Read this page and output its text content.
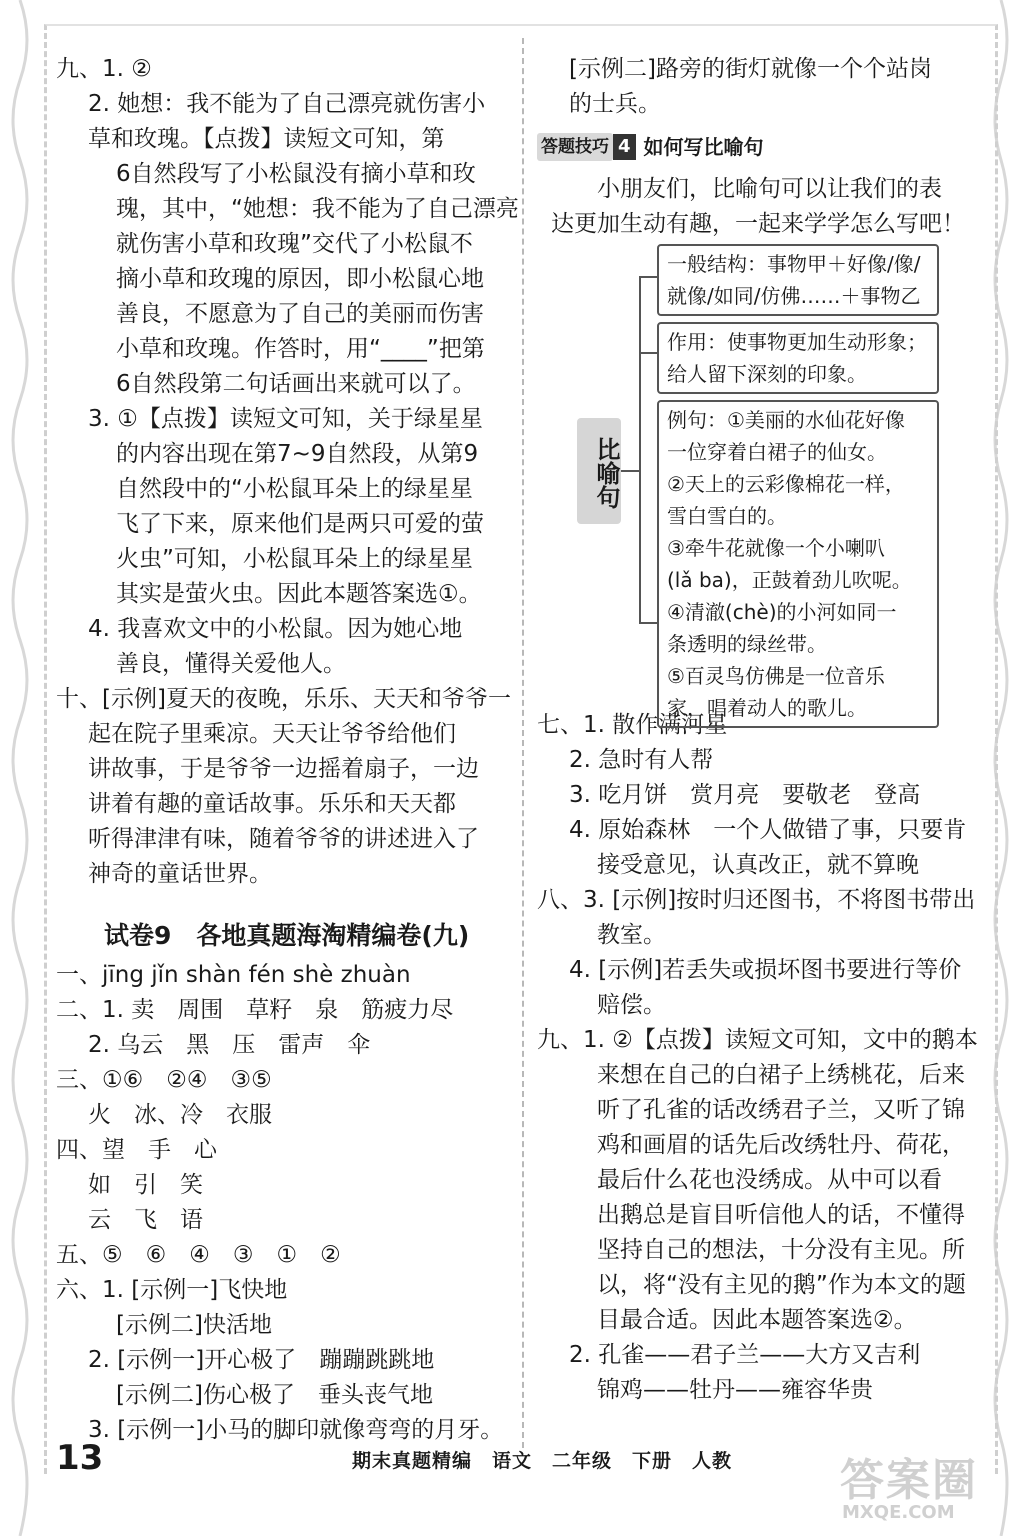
九、1. ②
2. 她想：我不能为了自己漂亮就伤害小
草和玫瑰。【点拨】读短文可知，第
6自然段写了小松鼠没有摘小草和玫
瑰，其中，“她想：我不能为了自己漂亮
就伤害小草和玫瑰”交代了小松鼠不
摘小草和玫瑰的原因，即小松鼠心地
善良，不愿意为了自己的美丽而伤害
小草和玫瑰。作答时，用“____”把第
6自然段第二句话画出来就可以了。
3. ①【点拨】读短文可知，关于绿星星
的内容出现在第7~9自然段，从第9
自然段中的“小松鼠耳朵上的绿星星
飞了下来，原来他们是两只可爱的萤
火虫”可知，小松鼠耳朵上的绿星星
其实是萤火虫。因此本题答案选①。
4. 我喜欢文中的小松鼠。因为她心地
善良，懂得关爱他人。
十、[示例]夏天的夜晚，乐乐、天天和爷爷一
起在院子里乘凉。天天让爷爷给他们
讲故事，于是爷爷一边摇着扇子，一边
讲着有趣的童话故事。乐乐和天天都
听得津津有味，随着爷爷的讲述进入了
神奇的童话世界。
试卷9　各地真题海淘精编卷(九)
一、jīng jǐn shàn fén shè zhuàn
二、1. 卖　周围　草籽　泉　筋疲力尽
2. 乌云　黑　压　雷声　伞
三、①⑥　②④　③⑤
火　冰、冷　衣服
四、望　手　心
如　引　笑
云　飞　语
五、⑤　⑥　④　③　①　②
六、1. [示例一]飞快地
[示例二]快活地
2. [示例一]开心极了　蹦蹦跳跳地
[示例二]伤心极了　垂头丧气地
3. [示例一]小马的脚印就像弯弯的月牙。
[示例二]路旁的街灯就像一个个站岗
的士兵。
答题技巧 4 如何写比喻句
小朋友们，比喻句可以让我们的表
达更加生动有趣，一起来学学怎么写吧！
比喻句
一般结构：事物甲＋好像/像/
就像/如同/仿佛……＋事物乙
作用：使事物更加生动形象；
给人留下深刻的印象。
例句：①美丽的水仙花好像
一位穿着白裙子的仙女。
②天上的云彩像棉花一样，
雪白雪白的。
③牵牛花就像一个小喇叭
(lǎ ba)，正鼓着劲儿吹呢。
④清澈(chè)的小河如同一
条透明的绿丝带。
⑤百灵鸟仿佛是一位音乐
家，唱着动人的歌儿。
七、1. 散作满河星
2. 急时有人帮
3. 吃月饼　赏月亮　要敬老　登高
4. 原始森林　一个人做错了事，只要肯
接受意见，认真改正，就不算晚
八、3. [示例]按时归还图书，不将图书带出
教室。
4. [示例]若丢失或损坏图书要进行等价
赔偿。
九、1. ②【点拨】读短文可知，文中的鹅本
来想在自己的白裙子上绣桃花，后来
听了孔雀的话改绣君子兰，又听了锦
鸡和画眉的话先后改绣牡丹、荷花，
最后什么花也没绣成。从中可以看
出鹅总是盲目听信他人的话，不懂得
坚持自己的想法，十分没有主见。所
以，将“没有主见的鹅”作为本文的题
目最合适。因此本题答案选②。
2. 孔雀——君子兰——大方又吉利
锦鸡——牡丹——雍容华贵
13	期末真题精编　语文　二年级　下册　人教 答案圈
MXQE.COM
